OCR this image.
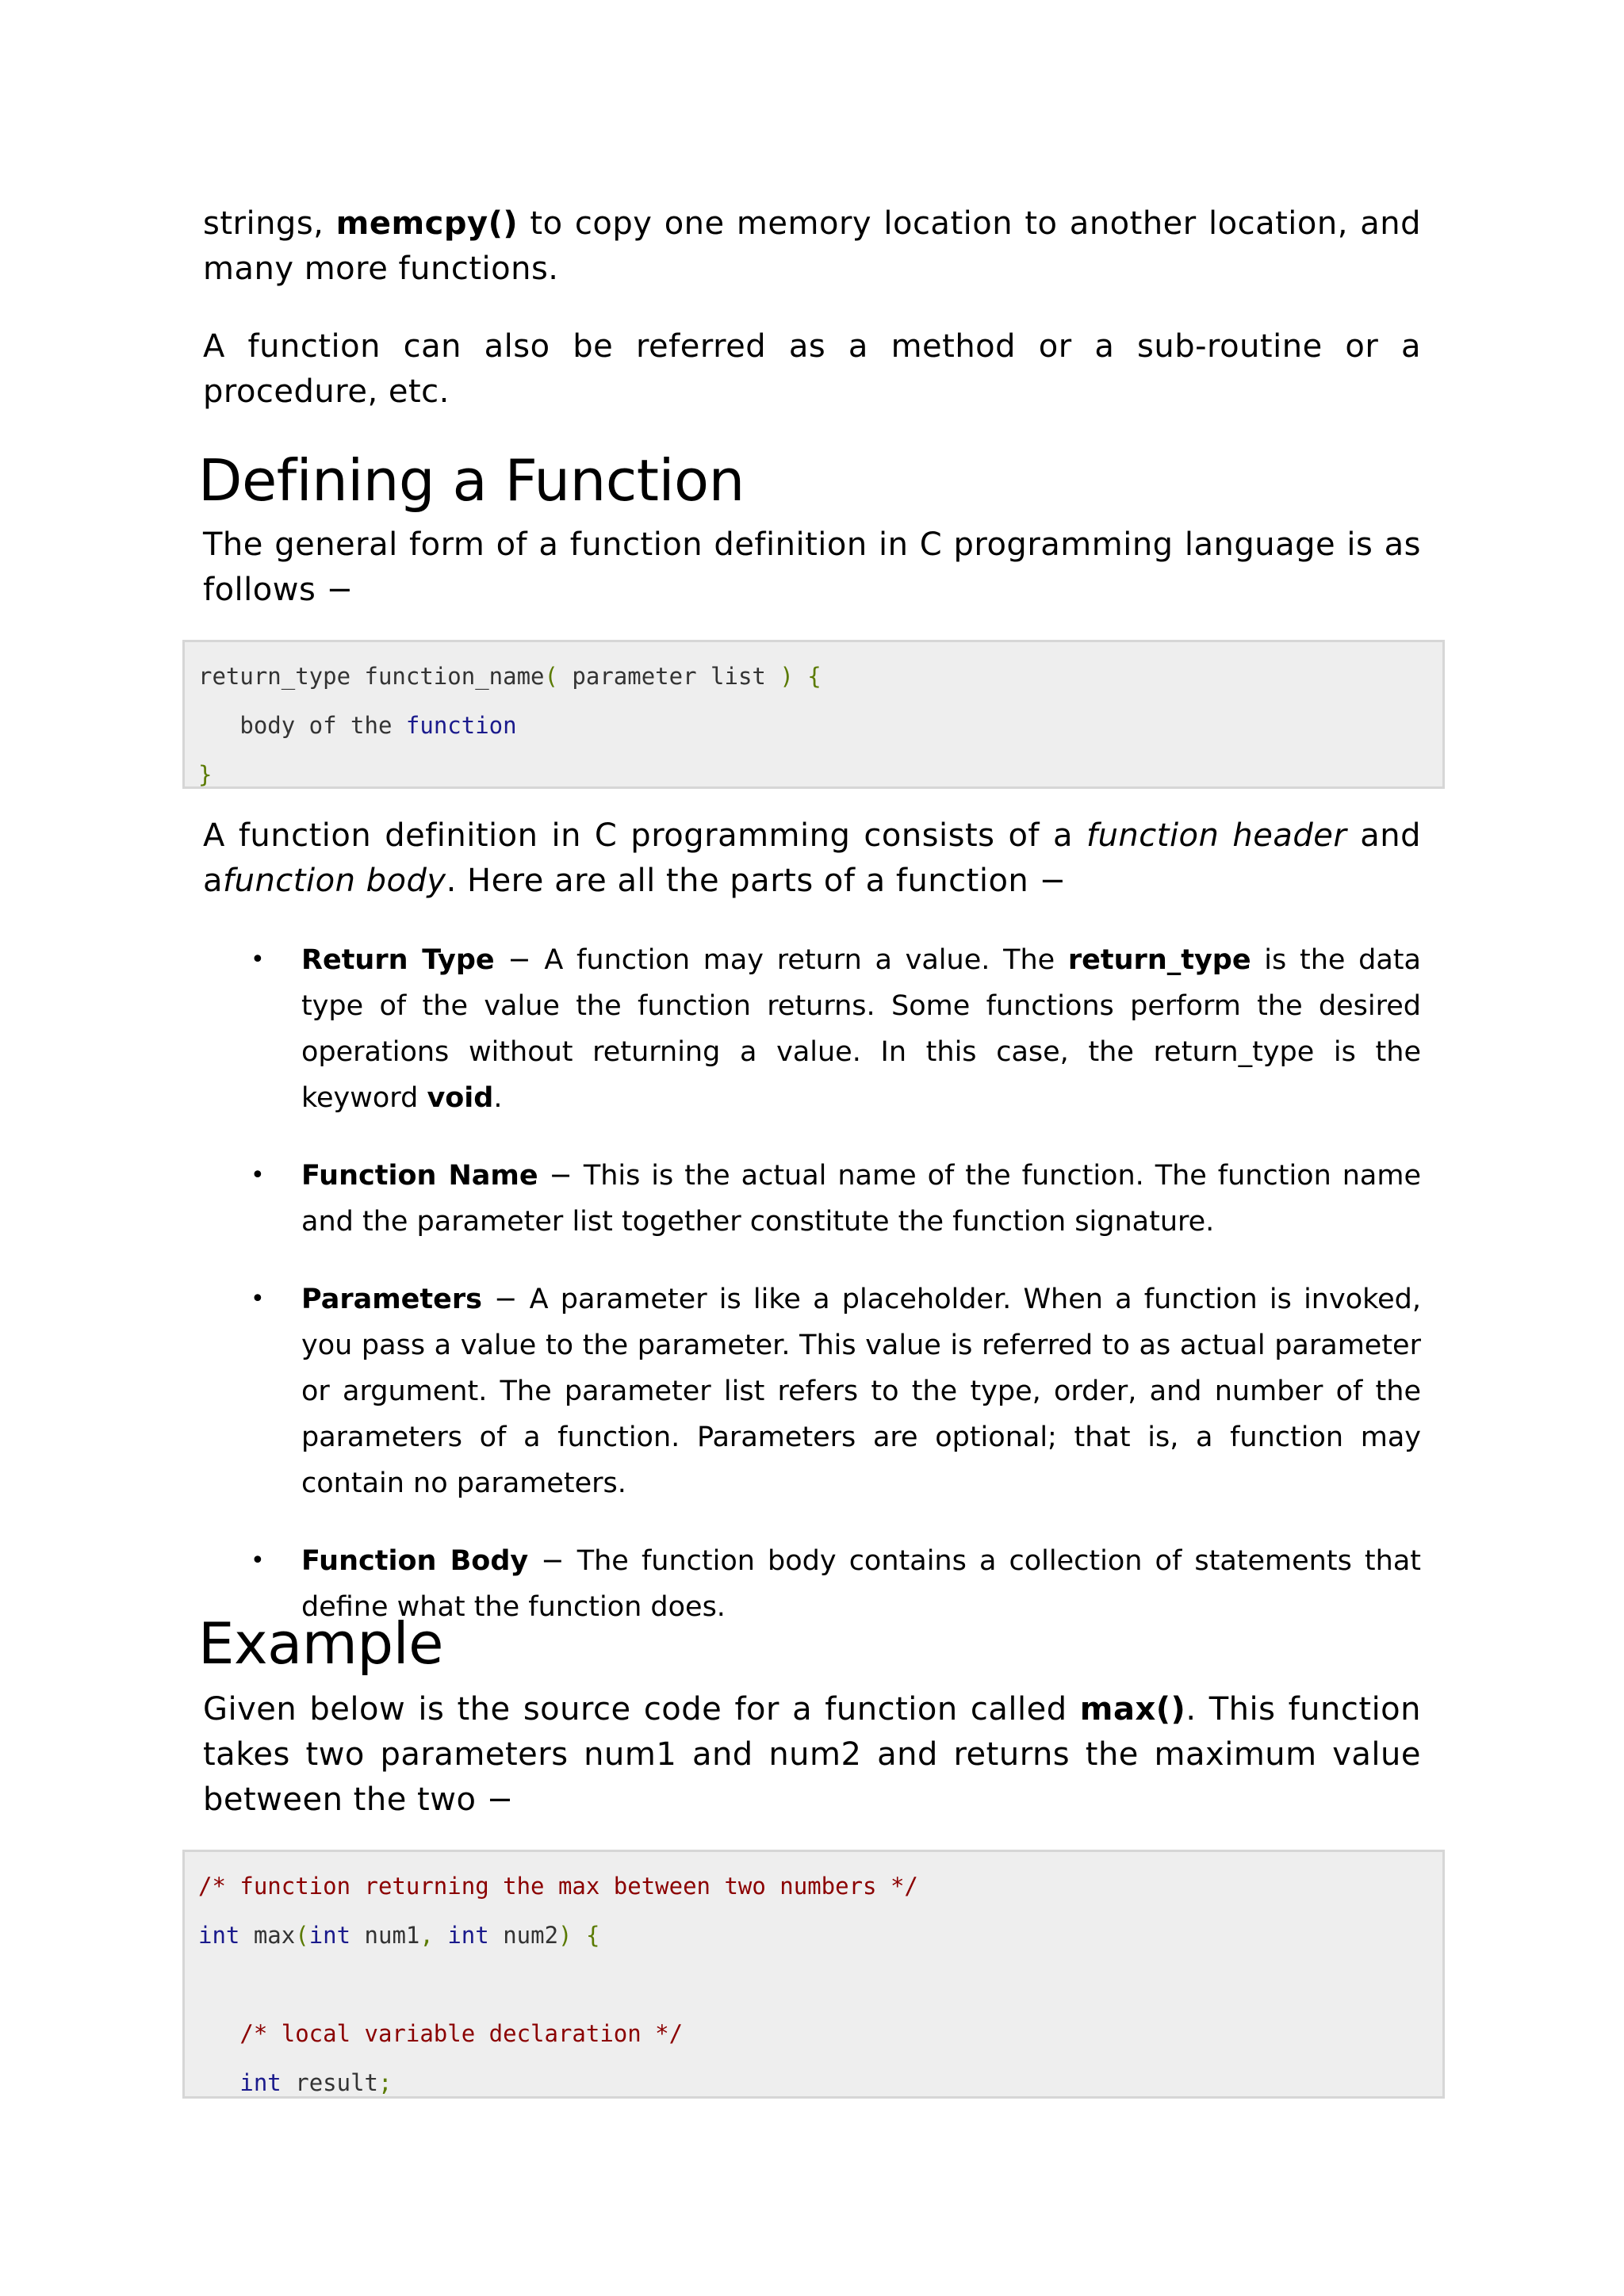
strings, memcpy() to copy one memory location to another location, and many more functions.

A function can also be referred as a method or a sub-routine or a procedure, etc.

Defining a Function

The general form of a function definition in C programming language is as follows −

return_type function_name( parameter list ) {
body of the function
}

A function definition in C programming consists of a function header and afunction body. Here are all the parts of a function −

• Return Type − A function may return a value. The return_type is the data type of the value the function returns. Some functions perform the desired operations without returning a value. In this case, the return_type is the keyword void.
• Function Name − This is the actual name of the function. The function name and the parameter list together constitute the function signature.
• Parameters − A parameter is like a placeholder. When a function is invoked, you pass a value to the parameter. This value is referred to as actual parameter or argument. The parameter list refers to the type, order, and number of the parameters of a function. Parameters are optional; that is, a function may contain no parameters.
• Function Body − The function body contains a collection of statements that define what the function does.
Example

Given below is the source code for a function called max(). This function takes two parameters num1 and num2 and returns the maximum value between the two −

/* function returning the max between two numbers */
int max(int num1, int num2) {

/* local variable declaration */
int result;
